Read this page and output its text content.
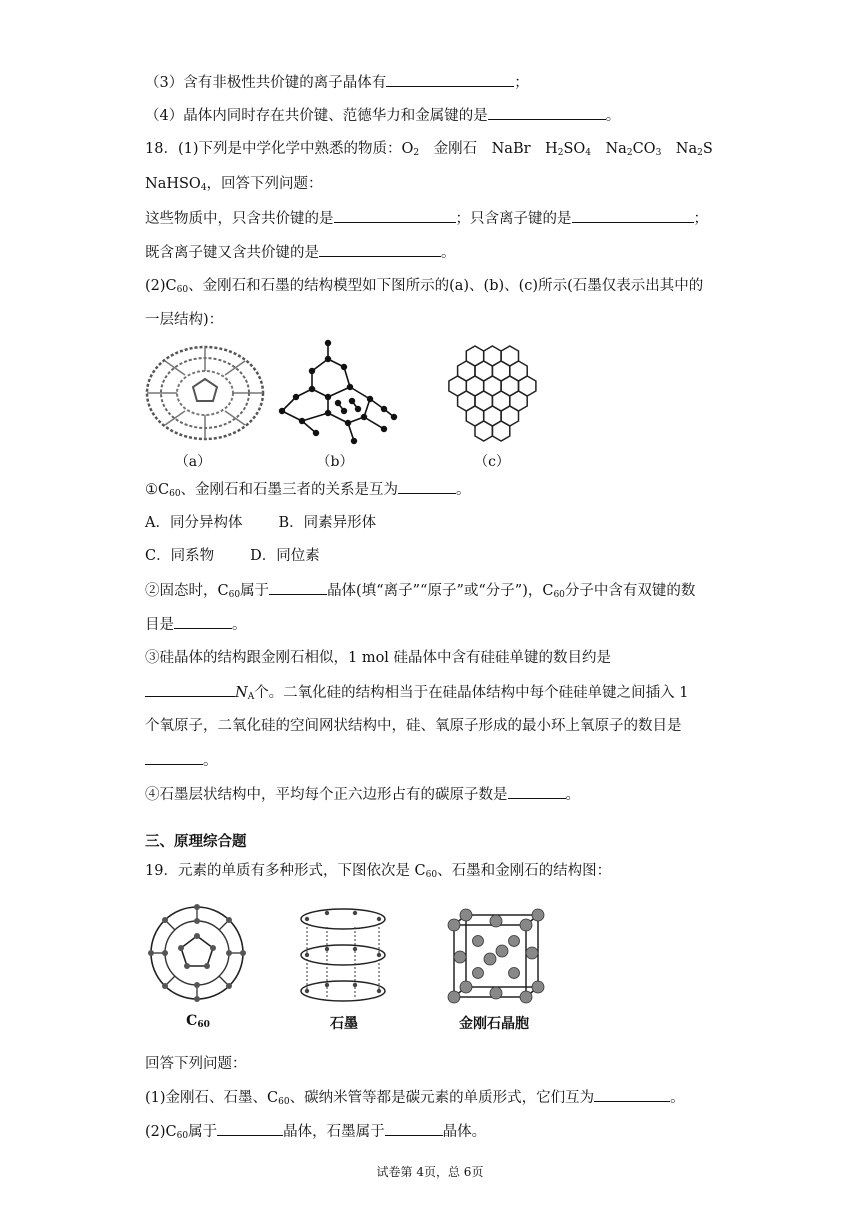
（3）含有非极性共价键的离子晶体有	；
（4）晶体内同时存在共价键、范德华力和金属键的是	。
18．(1)下列是中学化学中熟悉的物质：$O_2$　金刚石　NaBr　$H_2SO_4$　$Na_2CO_3$　$Na_2S$
NaHSO$_4$，回答下列问题：
这些物质中，只含共价键的是	；只含离子键的是	；
既含离子键又含共价键的是	。
$(2)C_{60}$、金刚石和石墨的结构模型如下图所示的(a)、(b)、(c)所示(石墨仅表示出其中的
一层结构)：
（a）	（b）	（c）
$①C_{60}$、金刚石和石墨三者的关系是互为	。
A．同分异构体 B．同素异形体
C．同系物 D．同位素
②固态时，$C_{60}$属于	晶体(填“离子”“原子”或“分子”)，$C_{60}$分子中含有双键的数
目是	。
③硅晶体的结构跟金刚石相似，1 mol 硅晶体中含有硅硅单键的数目约是
$N_A$个。二氧化硅的结构相当于在硅晶体结构中每个硅硅单键之间插入 1
个氧原子，二氧化硅的空间网状结构中，硅、氧原子形成的最小环上氧原子的数目是
。
④石墨层状结构中，平均每个正六边形占有的碳原子数是	。
三、原理综合题
19．元素的单质有多种形式，下图依次是 $C_{60}$、石墨和金刚石的结构图：
$C_{60}$	石墨	金刚石晶胞
回答下列问题：
(1)金刚石、石墨、$C_{60}$、碳纳米管等都是碳元素的单质形式，它们互为	。
$(2)C_{60}$属于	晶体，石墨属于	晶体。
试卷第 4页，总 6页
